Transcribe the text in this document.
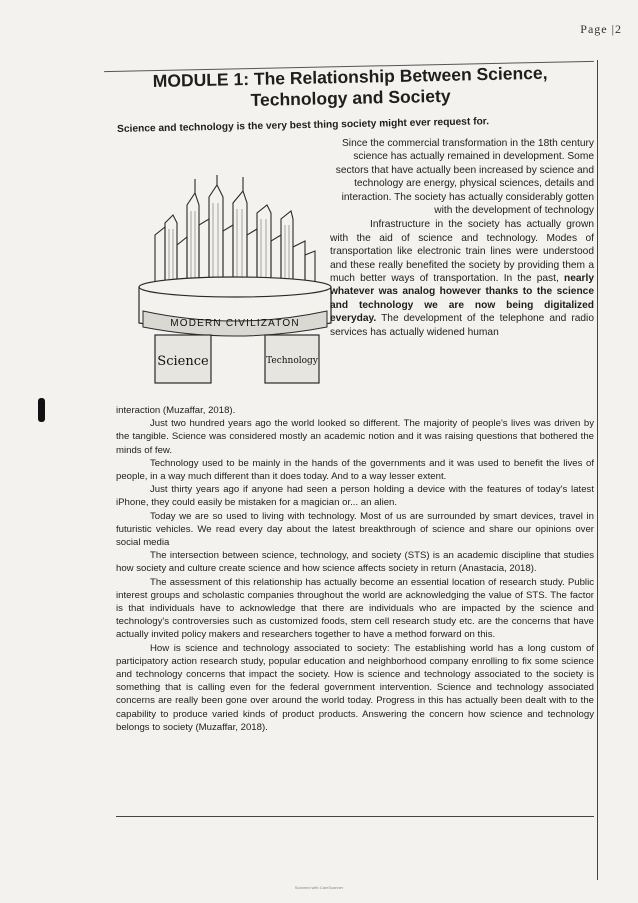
Page |2
MODULE 1: The Relationship Between Science, Technology and Society
Science and technology is the very best thing society might ever request for.
MODERN CIVILIZATON
Science	Technology

Since the commercial transformation in the 18th century science has actually remained in development. Some sectors that have actually been increased by science and technology are energy, physical sciences, details and interaction. The society has actually considerably gotten with the development of technology

Infrastructure in the society has actually grown with the aid of science and technology. Modes of transportation like electronic train lines were understood and these really benefited the society by providing them a much better ways of transportation. In the past, nearly whatever was analog however thanks to the science and technology we are now being digitalized everyday. The development of the telephone and radio services has actually widened human

interaction (Muzaffar, 2018).

Just two hundred years ago the world looked so different. The majority of people's lives was driven by the tangible. Science was considered mostly an academic notion and it was raising questions that bothered the minds of few.

Technology used to be mainly in the hands of the governments and it was used to benefit the lives of people, in a way much different than it does today. And to a way lesser extent.

Just thirty years ago if anyone had seen a person holding a device with the features of today's latest iPhone, they could easily be mistaken for a magician or... an alien.

Today we are so used to living with technology. Most of us are surrounded by smart devices, travel in futuristic vehicles. We read every day about the latest breakthrough of science and share our opinions over social media

The intersection between science, technology, and society (STS) is an academic discipline that studies how society and culture create science and how science affects society in return (Anastacia, 2018).

The assessment of this relationship has actually become an essential location of research study. Public interest groups and scholastic companies throughout the world are acknowledging the value of STS. The factor is that individuals have to acknowledge that there are individuals who are impacted by the science and technology's controversies such as customized foods, stem cell research study etc. are the concerns that have actually invited policy makers and researchers together to have a method forward on this.

How is science and technology associated to society: The establishing world has a long custom of participatory action research study, popular education and neighborhood company enrolling to fix some science and technology concerns that impact the society. How is science and technology associated to the society is something that is calling even for the federal government intervention. Science and technology associated concerns are really been gone over around the world today. Progress in this has actually been dealt with to the capability to produce varied kinds of product products. Answering the concern how science and technology belongs to society (Muzaffar, 2018).

Scanned with CamScanner
